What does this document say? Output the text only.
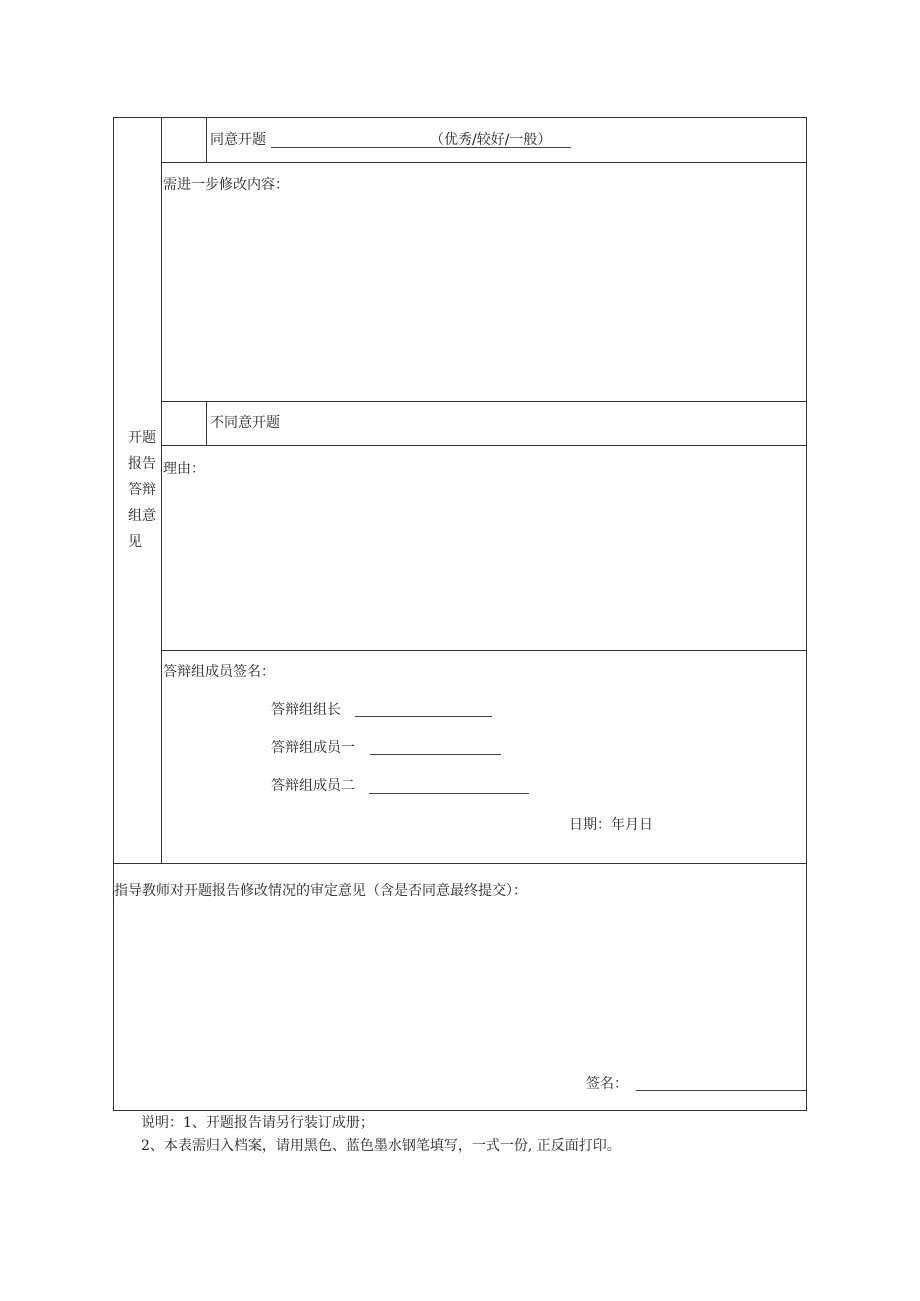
开题报告答辩组意见
同意开题	（优秀/较好/一般）
需进一步修改内容：
不同意开题
理由：
答辩组成员签名：
答辩组组长
答辩组成员一
答辩组成员二
日期：年月日
指导教师对开题报告修改情况的审定意见（含是否同意最终提交）：
签名：
说明：1、开题报告请另行装订成册；
2、本表需归入档案，请用黑色、蓝色墨水钢笔填写，一式一份, 正反面打印。
